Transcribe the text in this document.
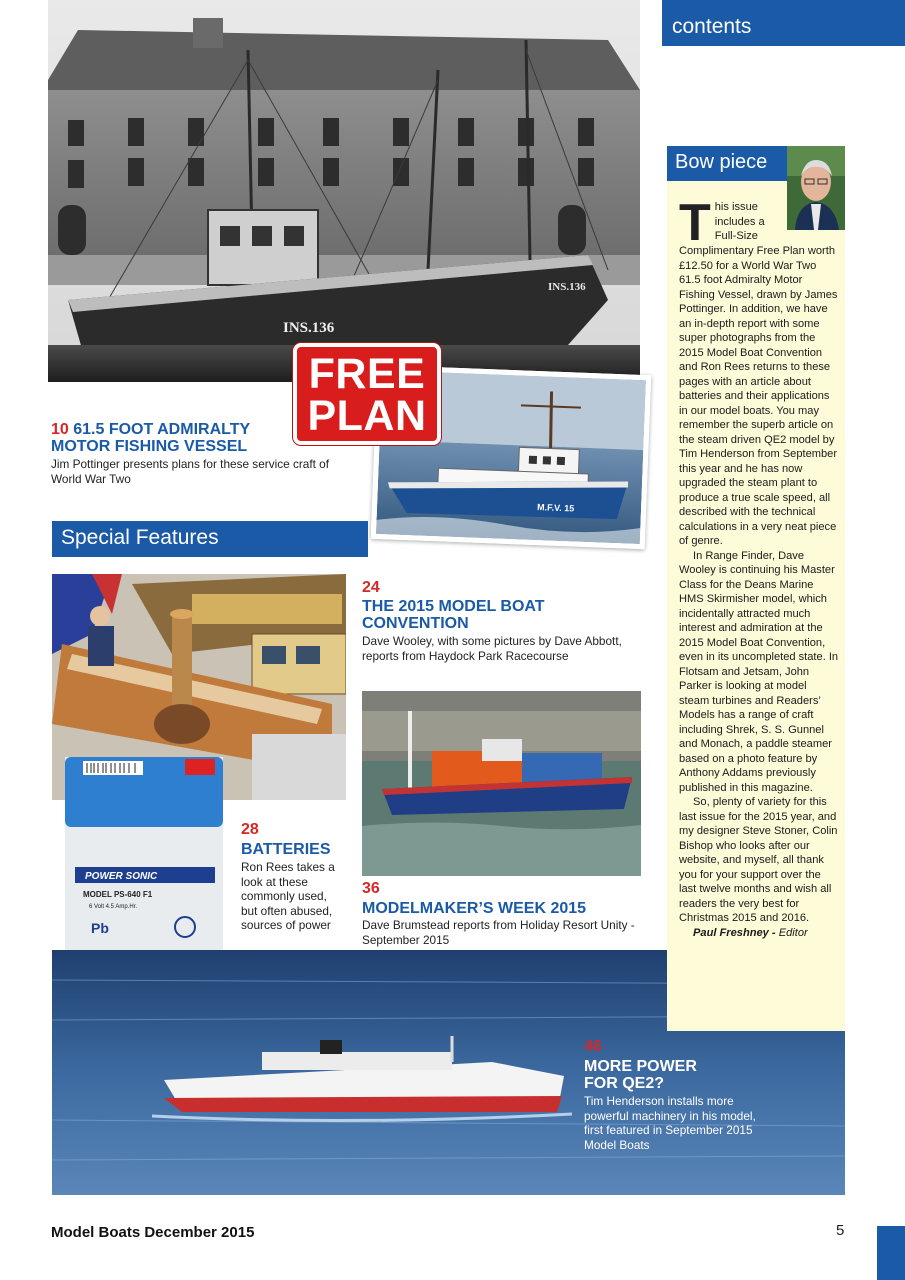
contents
INS.136
INS.136
10 61.5 FOOT ADMIRALTY
MOTOR FISHING VESSEL
Jim Pottinger presents plans for these service craft of World War Two
M.F.V. 15
FREE
PLAN
Special Features
POWER SONIC
MODEL PS-640 F1
6 Volt 4.5 Amp.Hr.
Pb
24
THE 2015 MODEL BOAT
CONVENTION
Dave Wooley, with some pictures by Dave Abbott, reports from Haydock Park Racecourse
28
BATTERIES
Ron Rees takes a look at these commonly used, but often abused, sources of power
36
MODELMAKER’S WEEK 2015
Dave Brumstead reports from Holiday Resort Unity - September 2015
Bow piece

T his issue
includes a
Full-Size
Complimentary Free Plan worth £12.50 for a World War Two 61.5 foot Admiralty Motor Fishing Vessel, drawn by James Pottinger. In addition, we have an in-depth report with some super photographs from the 2015 Model Boat Convention and Ron Rees returns to these pages with an article about batteries and their applications in our model boats. You may remember the superb article on the steam driven QE2 model by Tim Henderson from September this year and he has now upgraded the steam plant to produce a true scale speed, all described with the technical calculations in a very neat piece of genre.

In Range Finder, Dave Wooley is continuing his Master Class for the Deans Marine HMS Skirmisher model, which incidentally attracted much interest and admiration at the 2015 Model Boat Convention, even in its uncompleted state. In Flotsam and Jetsam, John Parker is looking at model steam turbines and Readers’ Models has a range of craft including Shrek, S. S. Gunnel and Monach, a paddle steamer based on a photo feature by Anthony Addams previously published in this magazine.

So, plenty of variety for this last issue for the 2015 year, and my designer Steve Stoner, Colin Bishop who looks after our website, and myself, all thank you for your support over the last twelve months and wish all readers the very best for Christmas 2015 and 2016.

Paul Freshney - Editor

46
MORE POWER
FOR QE2?
Tim Henderson installs more powerful machinery in his model, first featured in September 2015 Model Boats
Model Boats December 2015	5
